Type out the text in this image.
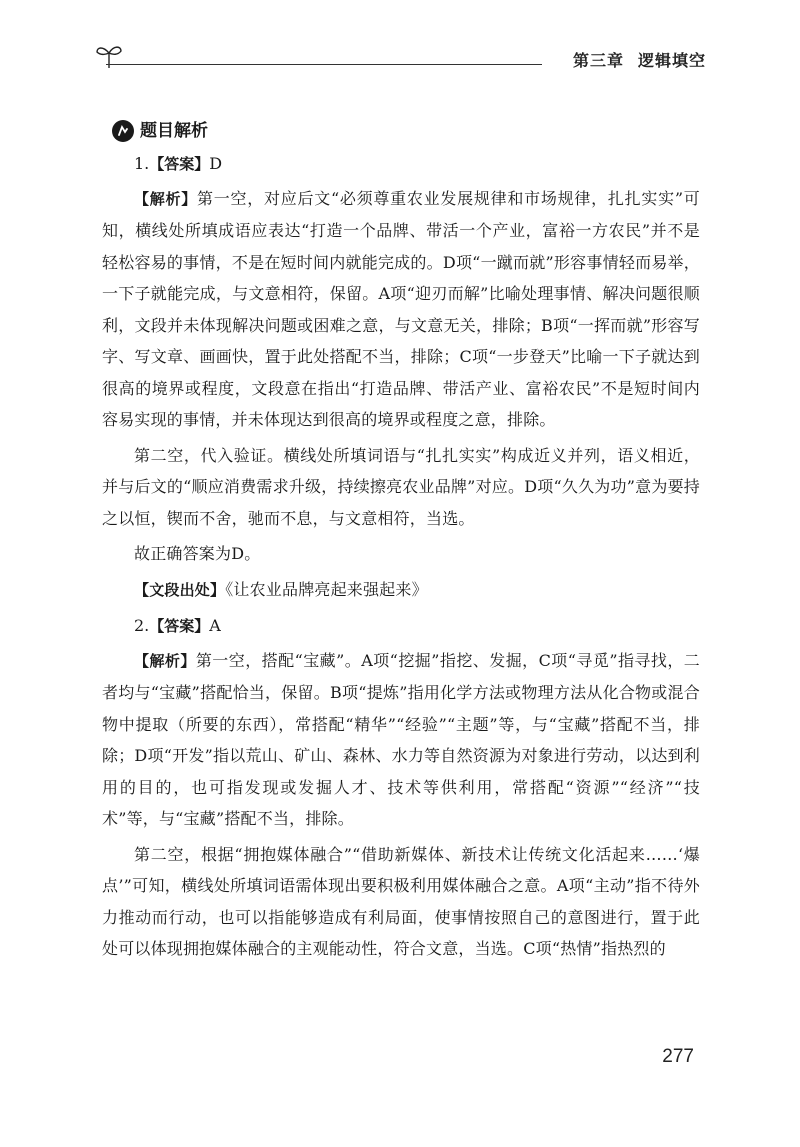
第三章 逻辑填空
题目解析
1.【答案】D

【解析】第一空，对应后文“必须尊重农业发展规律和市场规律，扎扎实实”可知，横线处所填成语应表达“打造一个品牌、带活一个产业，富裕一方农民”并不是轻松容易的事情，不是在短时间内就能完成的。D项“一蹴而就”形容事情轻而易举，一下子就能完成，与文意相符，保留。A项“迎刃而解”比喻处理事情、解决问题很顺利，文段并未体现解决问题或困难之意，与文意无关，排除；B项“一挥而就”形容写字、写文章、画画快，置于此处搭配不当，排除；C项“一步登天”比喻一下子就达到很高的境界或程度，文段意在指出“打造品牌、带活产业、富裕农民”不是短时间内容易实现的事情，并未体现达到很高的境界或程度之意，排除。

第二空，代入验证。横线处所填词语与“扎扎实实”构成近义并列，语义相近，并与后文的“顺应消费需求升级，持续擦亮农业品牌”对应。D项“久久为功”意为要持之以恒，锲而不舍，驰而不息，与文意相符，当选。

故正确答案为D。

【文段出处】《让农业品牌亮起来强起来》

2.【答案】A

【解析】第一空，搭配“宝藏”。A项“挖掘”指挖、发掘，C项“寻觅”指寻找，二者均与“宝藏”搭配恰当，保留。B项“提炼”指用化学方法或物理方法从化合物或混合物中提取（所要的东西），常搭配“精华”“经验”“主题”等，与“宝藏”搭配不当，排除；D项“开发”指以荒山、矿山、森林、水力等自然资源为对象进行劳动，以达到利用的目的，也可指发现或发掘人才、技术等供利用，常搭配“资源”“经济”“技术”等，与“宝藏”搭配不当，排除。

第二空，根据“拥抱媒体融合”“借助新媒体、新技术让传统文化活起来……‘爆点’”可知，横线处所填词语需体现出要积极利用媒体融合之意。A项“主动”指不待外力推动而行动，也可以指能够造成有利局面，使事情按照自己的意图进行，置于此处可以体现拥抱媒体融合的主观能动性，符合文意，当选。C项“热情”指热烈的

277
